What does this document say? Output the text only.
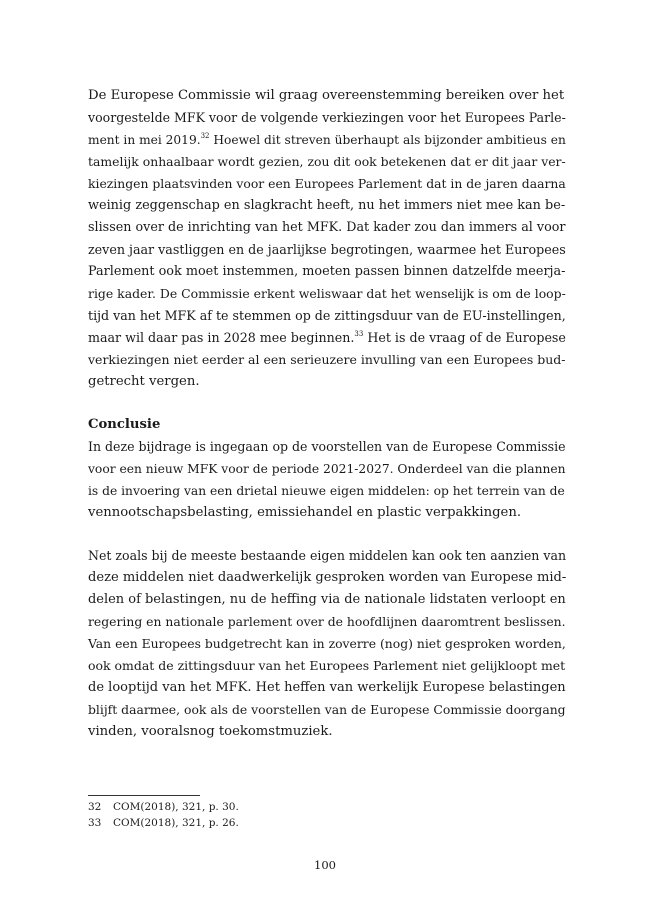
De Europese Commissie wil graag overeenstemming bereiken over het
voorgestelde MFK voor de volgende verkiezingen voor het Europees Parle-
ment in mei 2019.32 Hoewel dit streven überhaupt als bijzonder ambitieus en
tamelijk onhaalbaar wordt gezien, zou dit ook betekenen dat er dit jaar ver-
kiezingen plaatsvinden voor een Europees Parlement dat in de jaren daarna
weinig zeggenschap en slagkracht heeft, nu het immers niet mee kan be-
slissen over de inrichting van het MFK. Dat kader zou dan immers al voor
zeven jaar vastliggen en de jaarlijkse begrotingen, waarmee het Europees
Parlement ook moet instemmen, moeten passen binnen datzelfde meerja-
rige kader. De Commissie erkent weliswaar dat het wenselijk is om de loop-
tijd van het MFK af te stemmen op de zittingsduur van de EU-instellingen,
maar wil daar pas in 2028 mee beginnen.$^{33}$ Het is de vraag of de Europese
verkiezingen niet eerder al een serieuzere invulling van een Europees bud-
getrecht vergen.
Conclusie
In deze bijdrage is ingegaan op de voorstellen van de Europese Commissie
voor een nieuw MFK voor de periode 2021-2027. Onderdeel van die plannen
is de invoering van een drietal nieuwe eigen middelen: op het terrein van de
vennootschapsbelasting, emissiehandel en plastic verpakkingen.
Net zoals bij de meeste bestaande eigen middelen kan ook ten aanzien van
deze middelen niet daadwerkelijk gesproken worden van Europese mid-
delen of belastingen, nu de heffing via de nationale lidstaten verloopt en
regering en nationale parlement over de hoofdlijnen daaromtrent beslissen.
Van een Europees budgetrecht kan in zoverre (nog) niet gesproken worden,
ook omdat de zittingsduur van het Europees Parlement niet gelijkloopt met
de looptijd van het MFK. Het heffen van werkelijk Europese belastingen
blijft daarmee, ook als de voorstellen van de Europese Commissie doorgang
vinden, vooralsnog toekomstmuziek.
32	COM(2018), 321, p. 30.
33	COM(2018), 321, p. 26.
100
